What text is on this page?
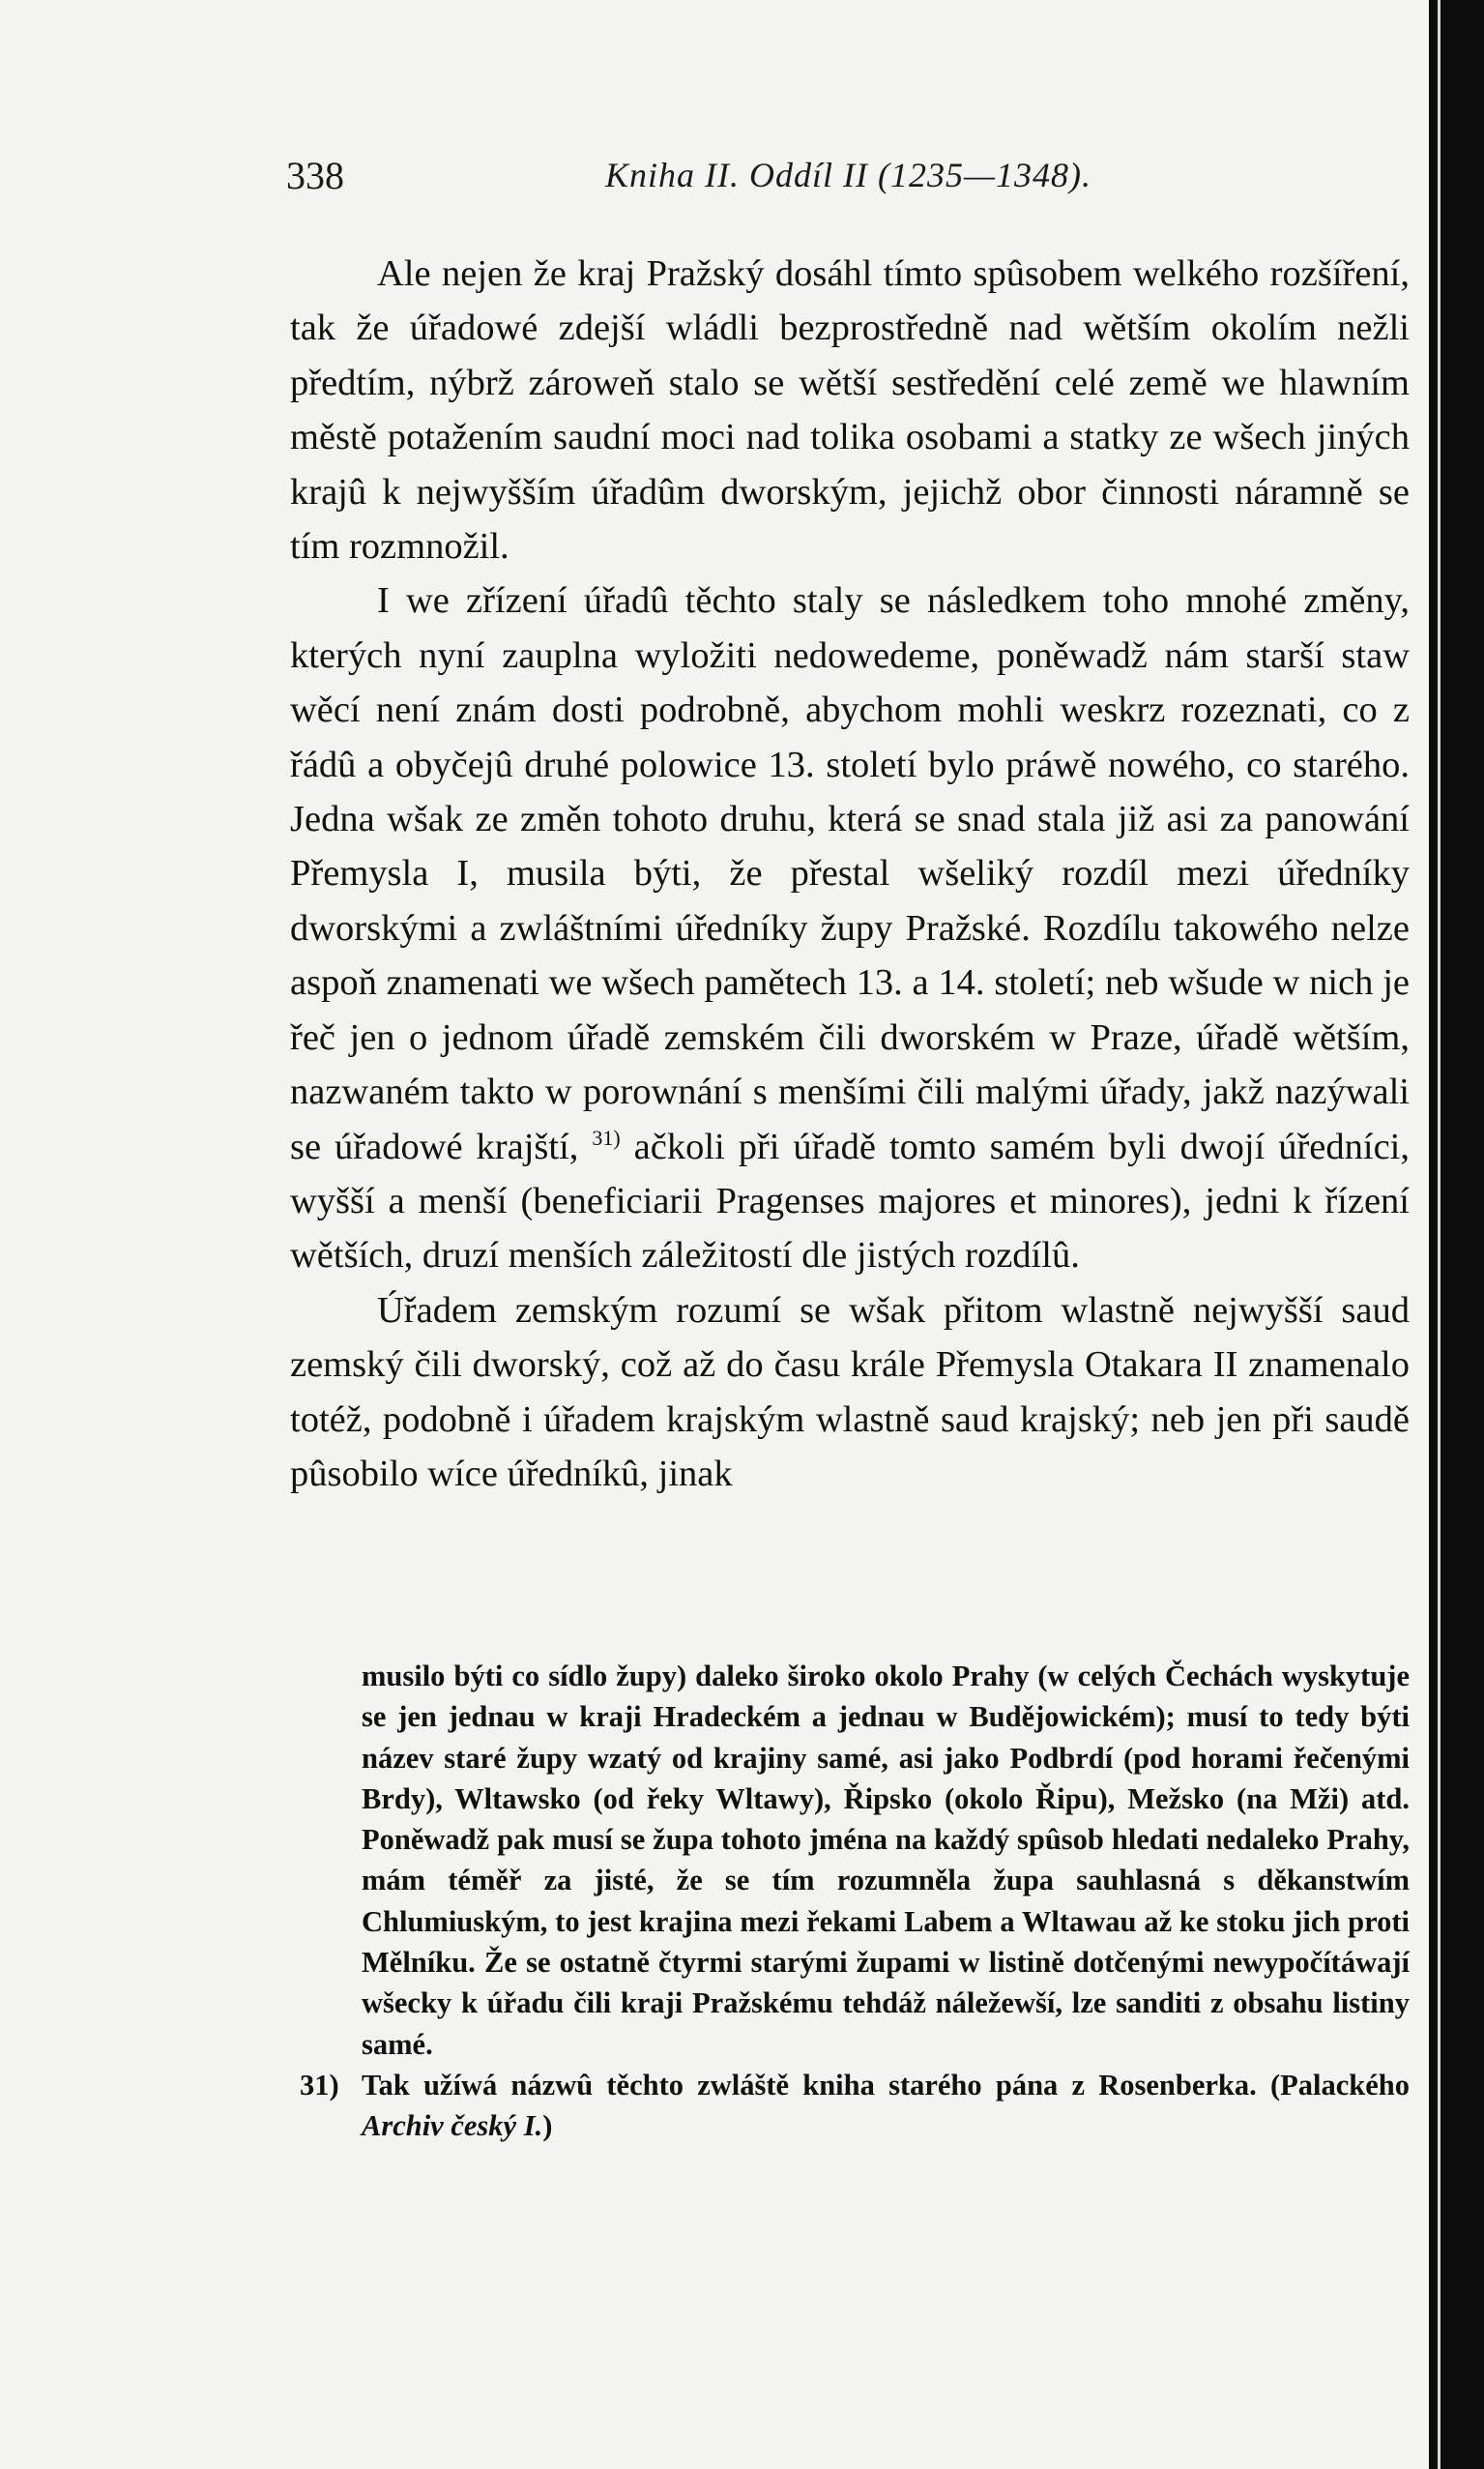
338	Kniha II. Oddíl II (1235—1348).

Ale nejen že kraj Pražský dosáhl tímto spûsobem welkého rozšíření, tak že úřadowé zdejší wládli bezprostředně nad wětším okolím nežli předtím, nýbrž zároweň stalo se wětší sestředění celé země we hlawním městě potažením saudní moci nad tolika osobami a statky ze wšech jiných krajû k nejwyšším úřadûm dworským, jejichž obor činnosti náramně se tím rozmnožil.

I we zřízení úřadû těchto staly se následkem toho mnohé změny, kterých nyní zauplna wyložiti nedowedeme, poněwadž nám starší staw wěcí není znám dosti podrobně, abychom mohli weskrz rozeznati, co z řádû a obyčejû druhé polowice 13. století bylo práwě nowého, co starého. Jedna wšak ze změn tohoto druhu, která se snad stala již asi za panowání Přemysla I, musila býti, že přestal wšeliký rozdíl mezi úředníky dworskými a zwláštními úředníky župy Pražské. Rozdílu takowého nelze aspoň znamenati we wšech pamětech 13. a 14. století; neb wšude w nich je řeč jen o jednom úřadě zemském čili dworském w Praze, úřadě wětším, nazwaném takto w porownání s menšími čili malými úřady, jakž nazýwali se úřadowé krajští, $^{31)}$ ačkoli při úřadě tomto samém byli dwojí úředníci, wyšší a menší (beneficiarii Pragenses majores et minores), jedni k řízení wětších, druzí menších záležitostí dle jistých rozdílû.

Úřadem zemským rozumí se wšak přitom wlastně nejwyšší saud zemský čili dworský, což až do času krále Přemysla Otakara II znamenalo totéž, podobně i úřadem krajským wlastně saud krajský; neb jen při saudě pûsobilo wíce úředníkû, jinak

musilo býti co sídlo župy) daleko široko okolo Prahy (w celých Čechách wyskytuje se jen jednau w kraji Hradeckém a jednau w Budějowickém); musí to tedy býti název staré župy wzatý od krajiny samé, asi jako Podbrdí (pod horami řečenými Brdy), Wltawsko (od řeky Wltawy), Řipsko (okolo Řipu), Mežsko (na Mži) atd. Poněwadž pak musí se župa tohoto jména na každý spûsob hledati nedaleko Prahy, mám téměř za jisté, že se tím rozumněla župa sauhlasná s děkanstwím Chlumiuským, to jest krajina mezi řekami Labem a Wltawau až ke stoku jich proti Mělníku. Že se ostatně čtyrmi starými župami w listině dotčenými newypočítáwají wšecky k úřadu čili kraji Pražskému tehdáž náležewší, lze sanditi z obsahu listiny samé.

31) Tak užíwá názwû těchto zwláště kniha starého pána z Rosenberka. (Palackého Archiv český I.)
